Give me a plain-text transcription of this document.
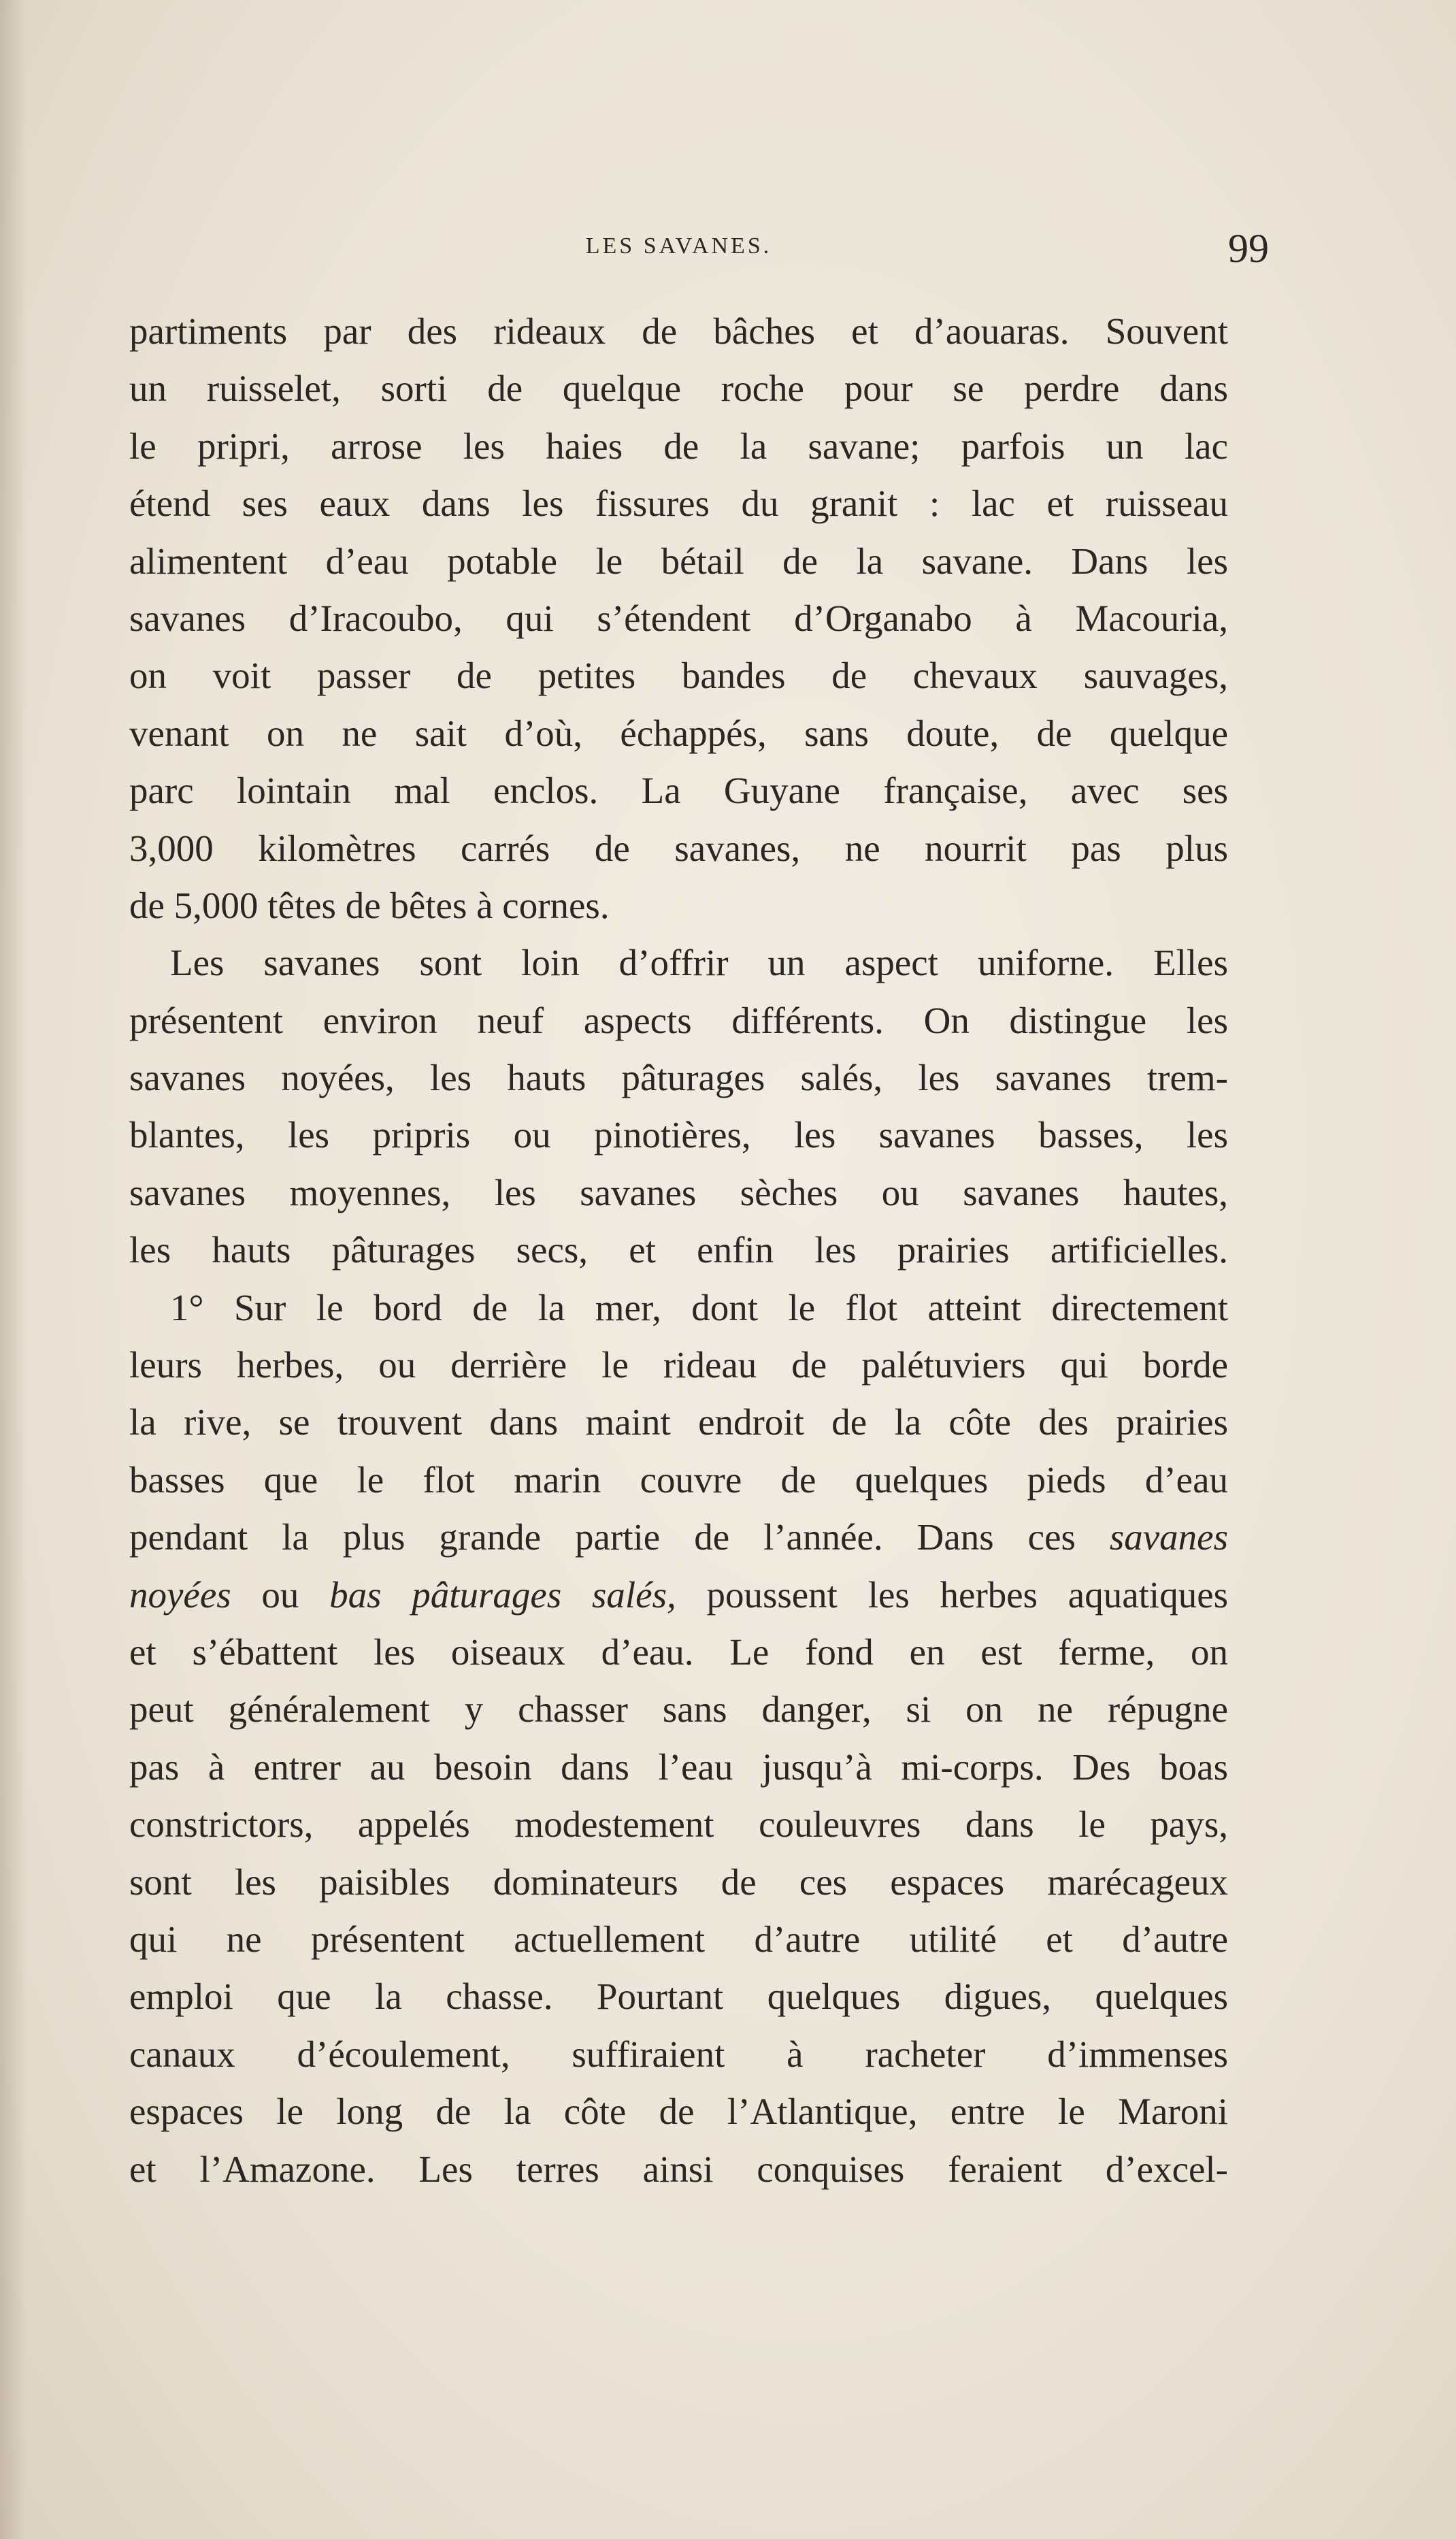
LES SAVANES.	99
partiments par des rideaux de bâches et d’aouaras. Souvent
un ruisselet, sorti de quelque roche pour se perdre dans
le pripri, arrose les haies de la savane; parfois un lac
étend ses eaux dans les fissures du granit : lac et ruisseau
alimentent d’eau potable le bétail de la savane. Dans les
savanes d’Iracoubo, qui s’étendent d’Organabo à Macouria,
on voit passer de petites bandes de chevaux sauvages,
venant on ne sait d’où, échappés, sans doute, de quelque
parc lointain mal enclos. La Guyane française, avec ses
3,000 kilomètres carrés de savanes, ne nourrit pas plus
de 5,000 têtes de bêtes à cornes.
Les savanes sont loin d’offrir un aspect uniforne. Elles
présentent environ neuf aspects différents. On distingue les
savanes noyées, les hauts pâturages salés, les savanes trem-
blantes, les pripris ou pinotières, les savanes basses, les
savanes moyennes, les savanes sèches ou savanes hautes,
les hauts pâturages secs, et enfin les prairies artificielles.
1° Sur le bord de la mer, dont le flot atteint directement
leurs herbes, ou derrière le rideau de palétuviers qui borde
la rive, se trouvent dans maint endroit de la côte des prairies
basses que le flot marin couvre de quelques pieds d’eau
pendant la plus grande partie de l’année. Dans ces savanes
noyées ou bas pâturages salés, poussent les herbes aquatiques
et s’ébattent les oiseaux d’eau. Le fond en est ferme, on
peut généralement y chasser sans danger, si on ne répugne
pas à entrer au besoin dans l’eau jusqu’à mi-corps. Des boas
constrictors, appelés modestement couleuvres dans le pays,
sont les paisibles dominateurs de ces espaces marécageux
qui ne présentent actuellement d’autre utilité et d’autre
emploi que la chasse. Pourtant quelques digues, quelques
canaux d’écoulement, suffiraient à racheter d’immenses
espaces le long de la côte de l’Atlantique, entre le Maroni
et l’Amazone. Les terres ainsi conquises feraient d’excel-
